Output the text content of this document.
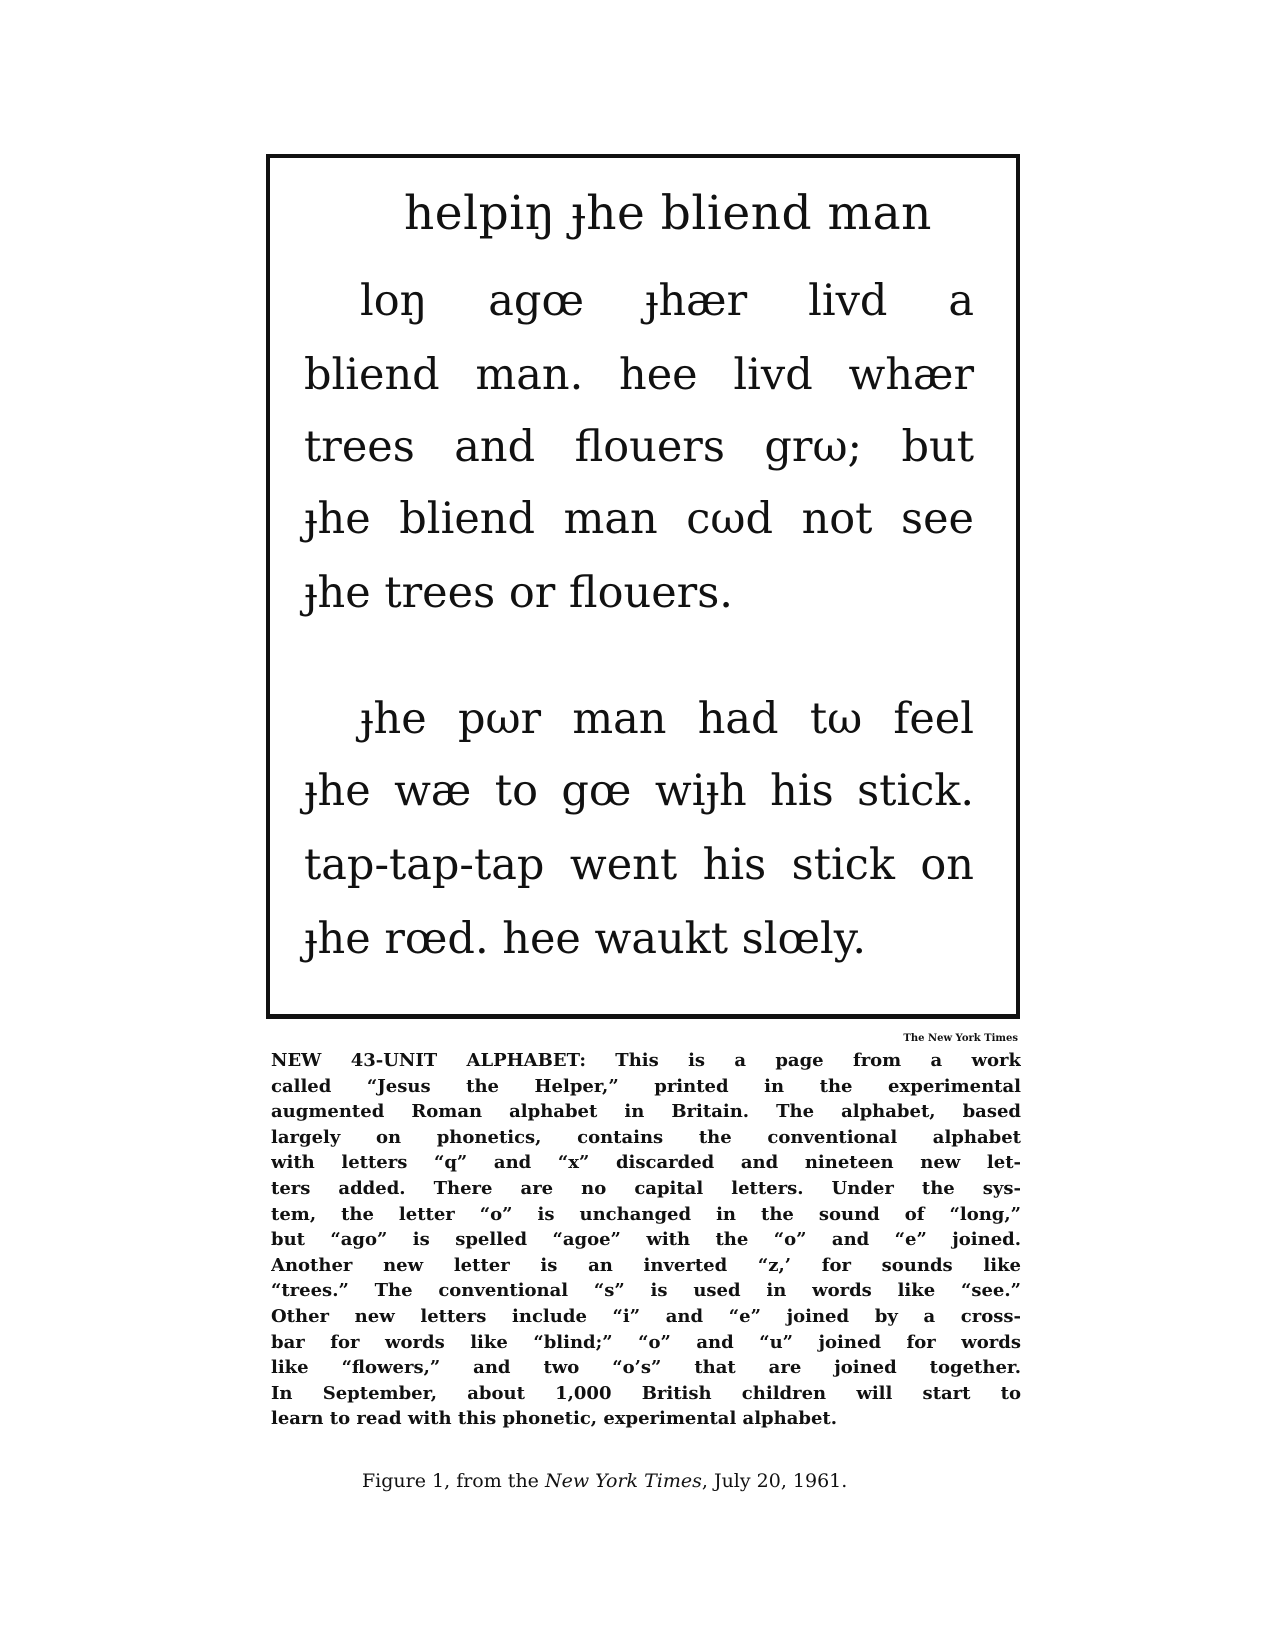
helpiŋ ɟhe bliend man
loŋ agœ ɟhær livd a
bliend man. hee livd whær
trees and flouers grω; but
ɟhe bliend man cωd not see
ɟhe trees or flouers.
ɟhe pωr man had tω feel
ɟhe wæ to gœ wiɟh his stick.
tap-tap-tap went his stick on
ɟhe rœd. hee waukt slœly.
The New York Times
NEW 43-UNIT ALPHABET: This is a page from a work
called “Jesus the Helper,” printed in the experimental
augmented Roman alphabet in Britain. The alphabet, based
largely on phonetics, contains the conventional alphabet
with letters “q” and “x” discarded and nineteen new let-
ters added. There are no capital letters. Under the sys-
tem, the letter “o” is unchanged in the sound of “long,”
but “ago” is spelled “agoe” with the “o” and “e” joined.
Another new letter is an inverted “z,’ for sounds like
“trees.” The conventional “s” is used in words like “see.”
Other new letters include “i” and “e” joined by a cross-
bar for words like “blind;” “o” and “u” joined for words
like “flowers,” and two “o’s” that are joined together.
In September, about 1,000 British children will start to
learn to read with this phonetic, experimental alphabet.
Figure 1, from the New York Times, July 20, 1961.
